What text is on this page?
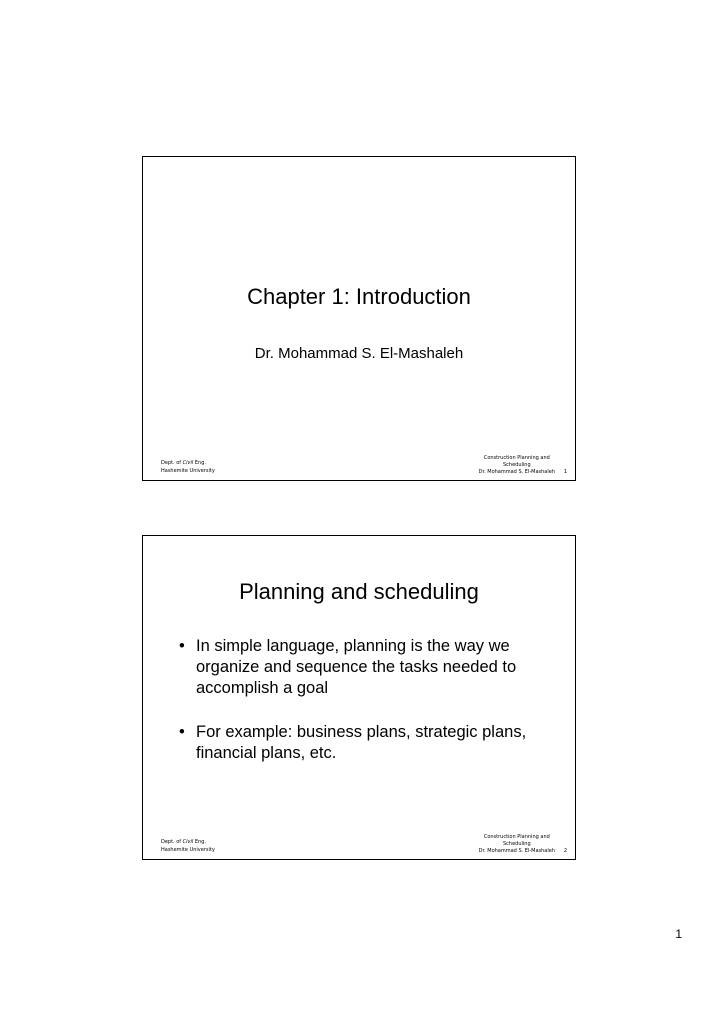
Chapter 1: Introduction
Dr. Mohammad S. El-Mashaleh
Dept. of Civil Eng.
Hashemite University
Construction Planning and
Scheduling
Dr. Mohammad S. El-Mashaleh 1
Planning and scheduling
• In simple language, planning is the way we organize and sequence the tasks needed to accomplish a goal
• For example: business plans, strategic plans, financial plans, etc.
Dept. of Civil Eng.
Hashemite University
Construction Planning and
Scheduling
Dr. Mohammad S. El-Mashaleh 2
1
